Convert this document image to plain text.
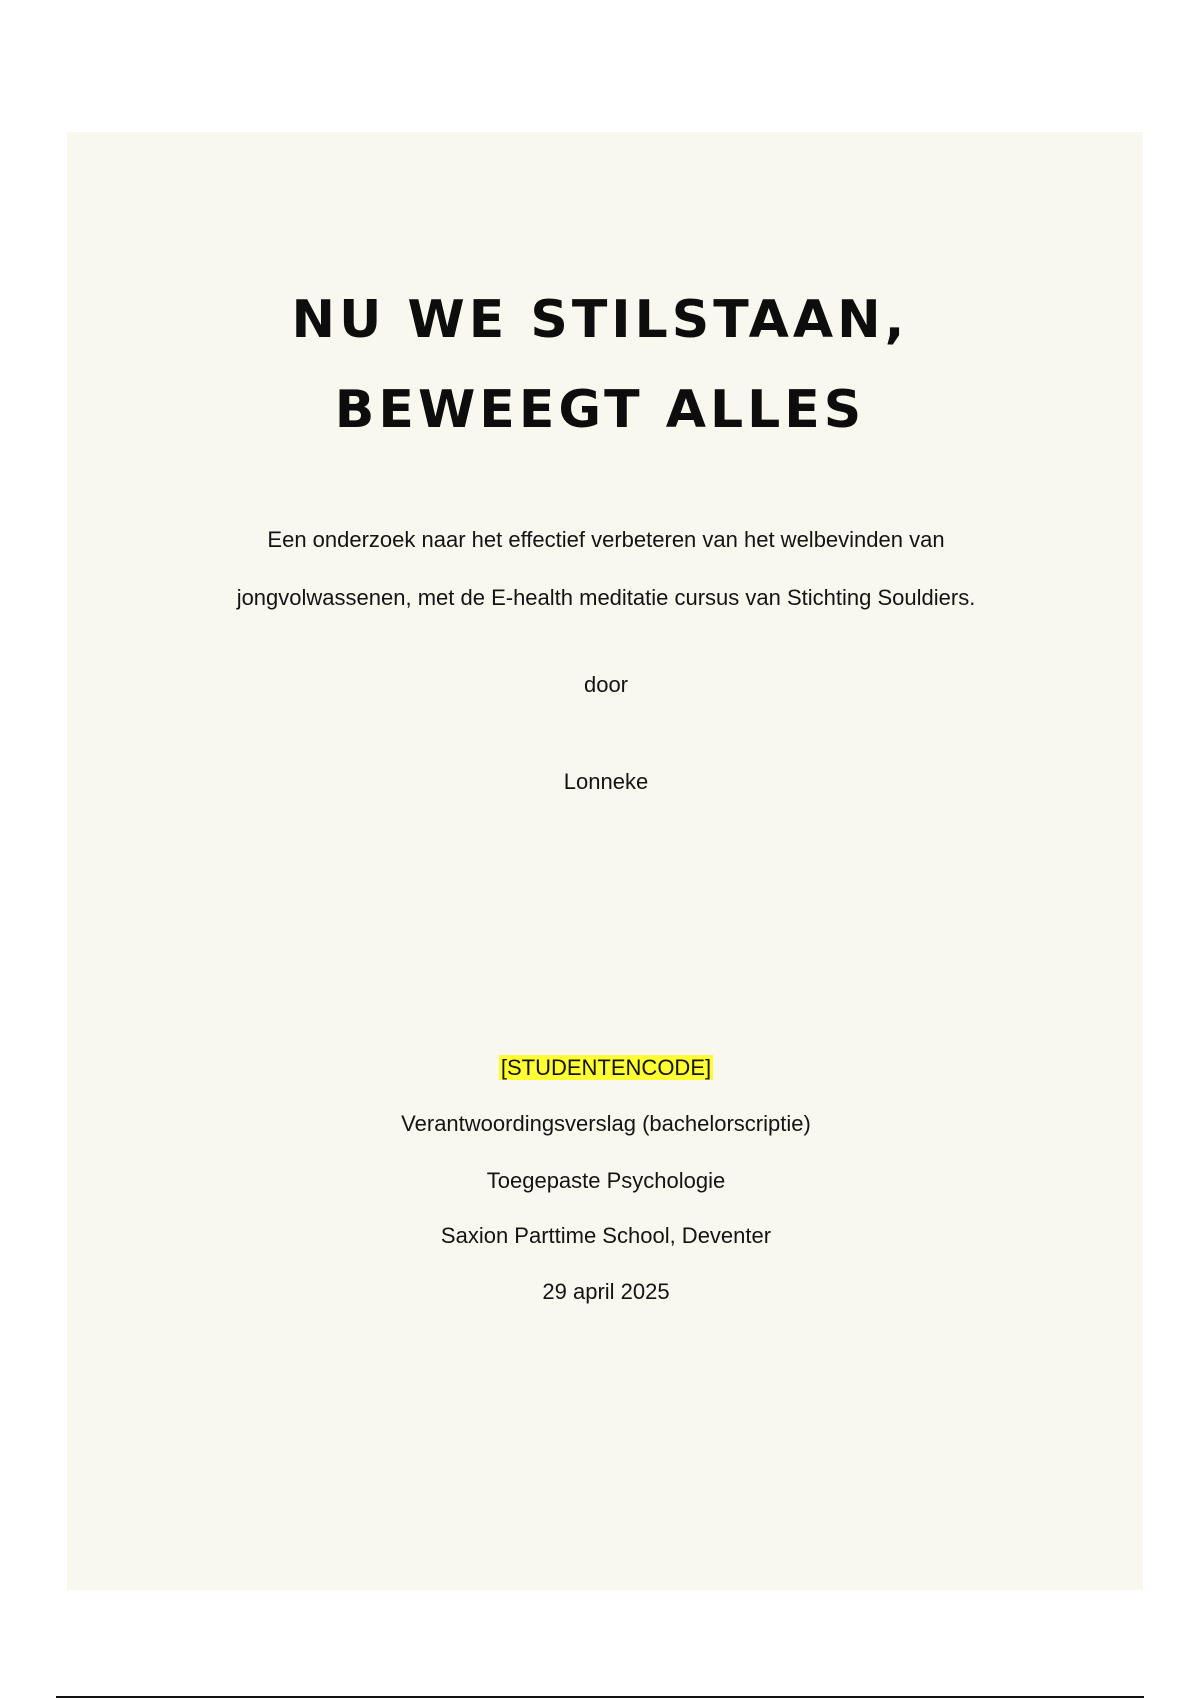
NU WE STILSTAAN,
BEWEEGT ALLES

Een onderzoek naar het effectief verbeteren van het welbevinden van

jongvolwassenen, met de E-health meditatie cursus van Stichting Souldiers.

door

Lonneke

[STUDENTENCODE]

Verantwoordingsverslag (bachelorscriptie)

Toegepaste Psychologie

Saxion Parttime School, Deventer

29 april 2025
